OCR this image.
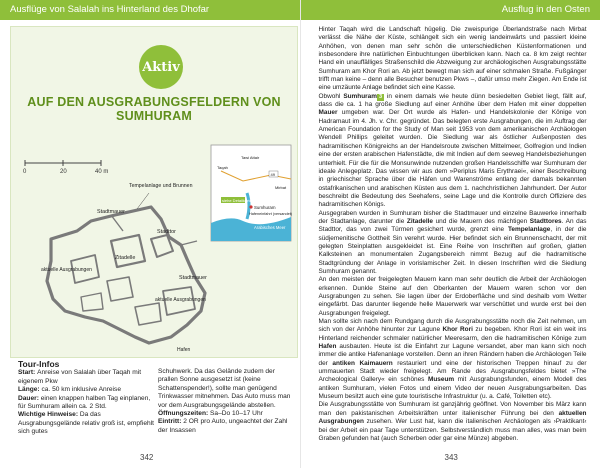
Ausflüge von Salalah ins Hinterland des Dhofar
Aktiv
AUF DEN AUSGRABUNGSFELDERN VON SUMHURAM
0	20	40 m
Tempelanlage und Brunnen
Stadtmauer
Zitadelle
Stadttor
aktuelle Ausgrabungen
Stadtmauer
aktuelle Ausgrabungen
Hafen
siehe Detailkarte
Sumhuram
Hafeneinfahrt (versandet)
Arabisches Meer
Taqah
Tawi Attair
Mirbat
49
Tour-Infos
Start: Anreise von Salalah über Taqah mit eigenem Pkw
Länge: ca. 50 km inklusive Anreise
Dauer: einen knappen halben Tag einplanen, für Sumhuram allein ca. 2 Std.
Wichtige Hinweise: Da das Ausgrabungsgelände relativ groß ist, empfiehlt sich gutes
Schuhwerk. Da das Gelände zudem der prallen Sonne ausgesetzt ist (keine Schattenspender!), sollte man genügend Trinkwasser mitnehmen. Das Auto muss man vor dem Ausgrabungsgelände abstellen.
Öffnungszeiten: Sa–Do 10–17 Uhr
Eintritt: 2 OR pro Auto, ungeachtet der Zahl der Insassen
342
Ausflug in den Osten

Hinter Taqah wird die Landschaft hügelig. Die zweispurige Überlandstraße nach Mirbat verlässt die Nähe der Küste, schlängelt sich ein wenig landeinwärts und passiert kleine Anhöhen, von denen man sehr schön die unterschiedlichen Küstenformationen und insbesondere ihre natürlichen Einbuchtungen überblicken kann. Nach ca. 8 km zeigt rechter Hand ein unauffälliges Straßenschild die Abzweigung zur archäologischen Ausgrabungsstätte Sumhuram am Khor Rori an. Ab jetzt bewegt man sich auf einer schmalen Straße. Fußgänger trifft man keine – denn alle Besucher benutzen Pkws –, dafür umso mehr Ziegen. Am Ende ist eine umzäunte Anlage befindet sich eine Kasse.

Obwohl Sumhuram 3 in einem damals wie heute dünn besiedelten Gebiet liegt, fällt auf, dass die ca. 1 ha große Siedlung auf einer Anhöhe über dem Hafen mit einer doppelten Mauer umgeben war. Der Ort wurde als Hafen- und Handelskolonie der Könige von Hadramaut im 4. Jh. v. Chr. gegründet. Das belegten erste Ausgrabungen, die im Auftrag der American Foundation for the Study of Man seit 1953 von dem amerikanischen Archäologen Wendell Phillips geleitet wurden. Die Siedlung war als östlicher Außenposten des hadramitischen Königreichs an der Handelsroute zwischen Mittelmeer, Golfregion und Indien eine der ersten arabischen Hafenstädte, die mit Indien auf dem seeweg Handelsbeziehungen unterhielt. Für die für die Monsunwinde nutzenden großen Handelsschiffe war Sumhuram der ideale Anlegeplatz. Das wissen wir aus dem »Periplus Maris Erythraei«, einer Beschreibung in griechischer Sprache über die Häfen und Warenströme entlang der damals bekannten ostafrikanischen und arabischen Küsten aus dem 1. nachchristlichen Jahrhundert. Der Autor beschreibt die Bedeutung des Seehafens, seine Lage und die Kontrolle durch Offiziere des hadramitischen Königs.

Ausgegraben wurden in Sumhuram bisher die Stadtmauer und einzelne Bauwerke innerhalb der Stadtanlage, darunter die Zitadelle und die Mauern des mächtigen Stadttores. An das Stadttor, das von zwei Türmen gesichert wurde, grenzt eine Tempelanlage, in der die südjemenitische Gottheit Sin verehrt wurde. Hier befindet sich ein Brunnenschacht, der mit gelegten Steinplatten ausgekleidet ist. Eine Reihe von Inschriften auf großen, glatten Kalksteinen an monumentalen Zugangsbereich nimmt Bezug auf die hadramitische Stadtgründung der Anlage in vorislamischer Zeit. In diesen Inschriften wird die Siedlung Sumhuram genannt.

An den meisten der freigelegten Mauern kann man sehr deutlich die Arbeit der Archäologen erkennen. Dunkle Steine auf den Oberkanten der Mauern waren schon vor den Ausgrabungen zu sehen. Sie lagen über der Erdoberfläche und sind deshalb vom Wetter eingefärbt. Das darunter liegende helle Mauerwerk war verschüttet und wurde erst bei den Ausgrabungen freigelegt.

Man sollte sich nach dem Rundgang durch die Ausgrabungsstätte noch die Zeit nehmen, um sich von der Anhöhe hinunter zur Lagune Khor Rori zu begeben. Khor Rori ist ein weit ins Hinterland reichender schmaler natürlicher Meeresarm, den die hadramitischen Könige zum Hafen ausbauten. Heute ist die Einfahrt zur Lagune versandet, aber man kann sich noch immer die antike Hafenanlage vorstellen. Denn an ihren Rändern haben die Archäologen Teile der antiken Kaimauern restauriert und eine der historischen Treppen hinauf zu der ummauerten Stadt wieder freigelegt. Am Rande des Ausgrabungsfeldes bietet »The Archeological Gallery« ein schönes Museum mit Ausgrabungsfunden, einem Modell des antiken Sumhuram, vielen Fotos und einem Video der neuen Ausgrabungsarbeiten. Das Museum besitzt auch eine gute touristische Infrastruktur (u. a. Café, Toiletten etc).

Die Ausgrabungsstätte von Sumhuram ist ganzjährig geöffnet. Von November bis März kann man den pakistanischen Arbeitskräften unter italienischer Führung bei den aktuellen Ausgrabungen zusehen. Wer Lust hat, kann die italienischen Archäologen als ›Praktikant‹ bei der Arbeit ein paar Tage unterstützen. Selbstverständlich muss man alles, was man beim Graben gefunden hat (auch Scherben oder gar eine Münze) abgeben.

343
